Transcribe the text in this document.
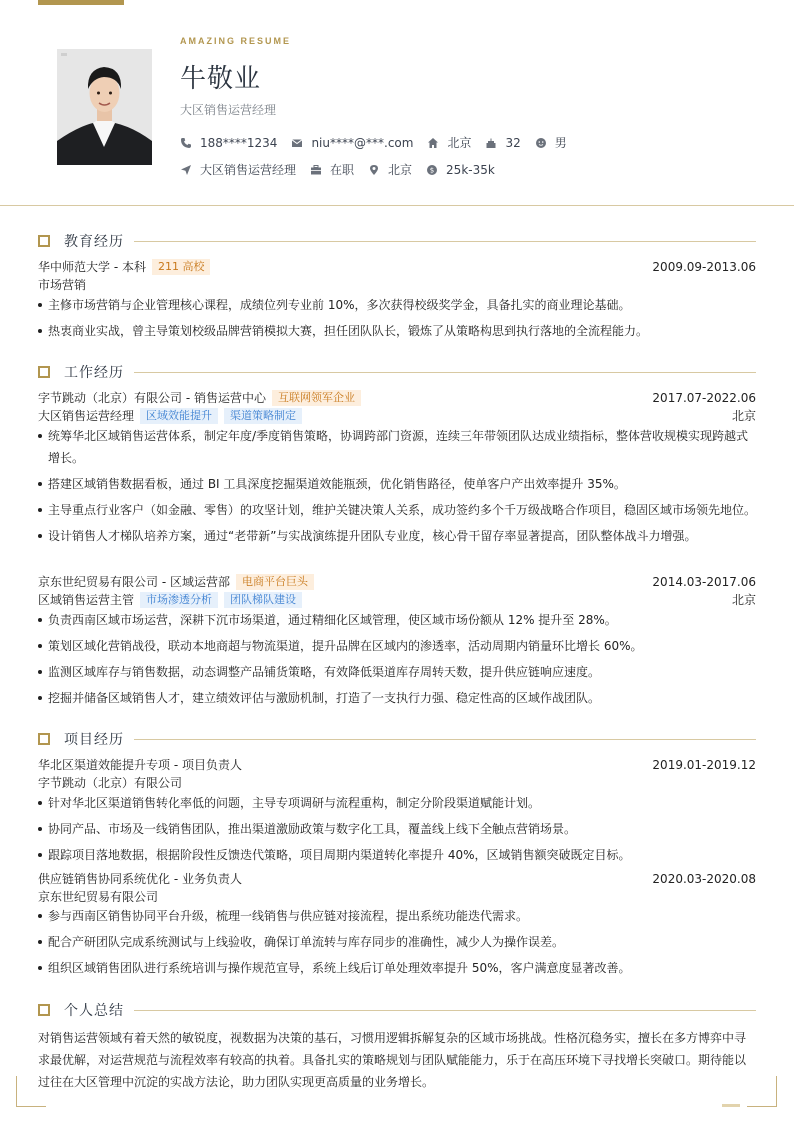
AMAZING RESUME
牛敬业
大区销售运营经理
188****1234	niu****@***.com	北京	32	男
大区销售运营经理	在职	北京	$ 25k-35k
教育经历
华中师范大学 - 本科	211 高校	2009.09-2013.06
市场营销
主修市场营销与企业管理核心课程，成绩位列专业前 10%，多次获得校级奖学金，具备扎实的商业理论基础。
热衷商业实战，曾主导策划校级品牌营销模拟大赛，担任团队队长，锻炼了从策略构思到执行落地的全流程能力。
工作经历
字节跳动（北京）有限公司 - 销售运营中心	互联网领军企业	2017.07-2022.06
大区销售运营经理	区域效能提升	渠道策略制定	北京
统筹华北区域销售运营体系，制定年度/季度销售策略，协调跨部门资源，连续三年带领团队达成业绩指标，整体营收规模实现跨越式增长。
搭建区域销售数据看板，通过 BI 工具深度挖掘渠道效能瓶颈，优化销售路径，使单客户产出效率提升 35%。
主导重点行业客户（如金融、零售）的攻坚计划，维护关键决策人关系，成功签约多个千万级战略合作项目，稳固区域市场领先地位。
设计销售人才梯队培养方案，通过“老带新”与实战演练提升团队专业度，核心骨干留存率显著提高，团队整体战斗力增强。
京东世纪贸易有限公司 - 区域运营部	电商平台巨头	2014.03-2017.06
区域销售运营主管	市场渗透分析	团队梯队建设	北京
负责西南区域市场运营，深耕下沉市场渠道，通过精细化区域管理，使区域市场份额从 12% 提升至 28%。
策划区域化营销战役，联动本地商超与物流渠道，提升品牌在区域内的渗透率，活动周期内销量环比增长 60%。
监测区域库存与销售数据，动态调整产品铺货策略，有效降低渠道库存周转天数，提升供应链响应速度。
挖掘并储备区域销售人才，建立绩效评估与激励机制，打造了一支执行力强、稳定性高的区域作战团队。
项目经历
华北区渠道效能提升专项 - 项目负责人	2019.01-2019.12
字节跳动（北京）有限公司
针对华北区渠道销售转化率低的问题，主导专项调研与流程重构，制定分阶段渠道赋能计划。
协同产品、市场及一线销售团队，推出渠道激励政策与数字化工具，覆盖线上线下全触点营销场景。
跟踪项目落地数据，根据阶段性反馈迭代策略，项目周期内渠道转化率提升 40%，区域销售额突破既定目标。
供应链销售协同系统优化 - 业务负责人	2020.03-2020.08
京东世纪贸易有限公司
参与西南区销售协同平台升级，梳理一线销售与供应链对接流程，提出系统功能迭代需求。
配合产研团队完成系统测试与上线验收，确保订单流转与库存同步的准确性，减少人为操作误差。
组织区域销售团队进行系统培训与操作规范宣导，系统上线后订单处理效率提升 50%，客户满意度显著改善。
个人总结
对销售运营领域有着天然的敏锐度，视数据为决策的基石，习惯用逻辑拆解复杂的区域市场挑战。性格沉稳务实，擅长在多方博弈中寻求最优解，对运营规范与流程效率有较高的执着。具备扎实的策略规划与团队赋能能力，乐于在高压环境下寻找增长突破口。期待能以过往在大区管理中沉淀的实战方法论，助力团队实现更高质量的业务增长。
